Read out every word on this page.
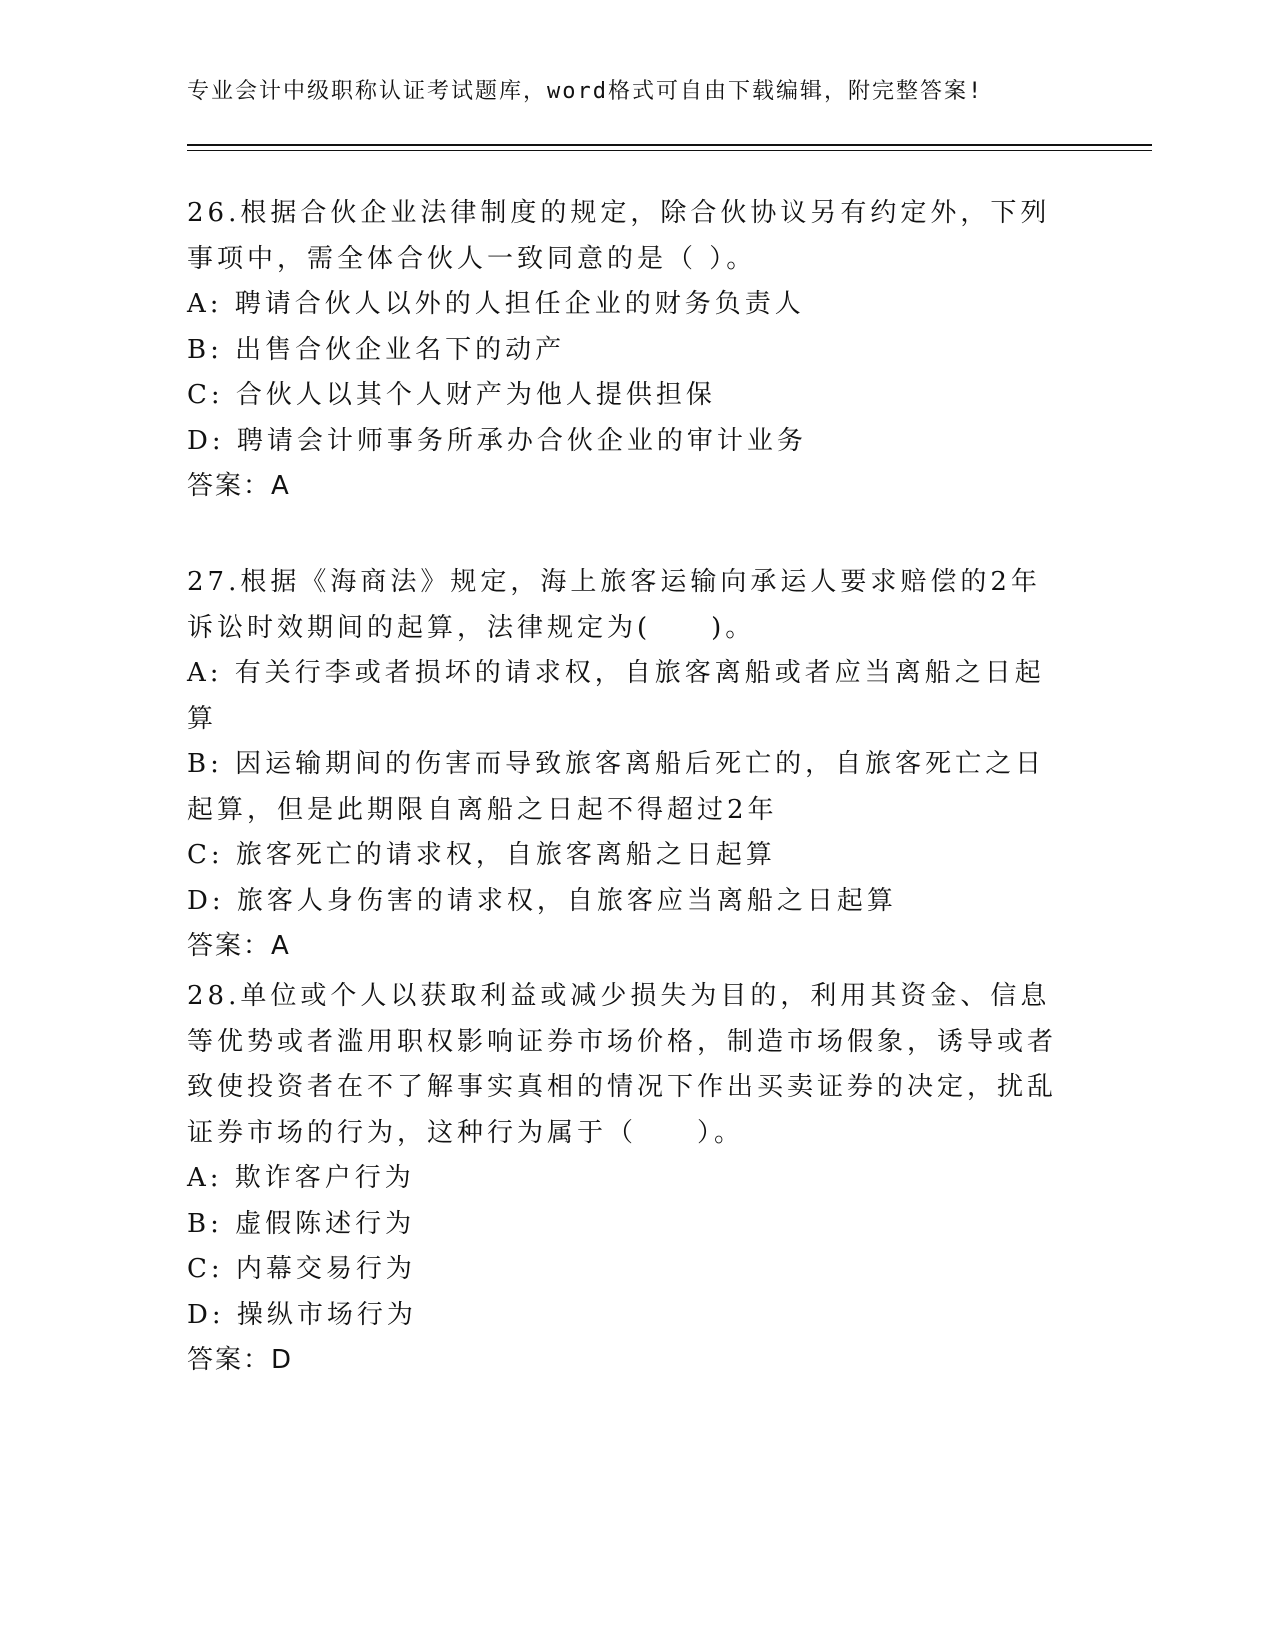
专业会计中级职称认证考试题库，word格式可自由下载编辑，附完整答案!
26.根据合伙企业法律制度的规定，除合伙协议另有约定外，下列事项中，需全体合伙人一致同意的是（ ）。
A: 聘请合伙人以外的人担任企业的财务负责人
B: 出售合伙企业名下的动产
C: 合伙人以其个人财产为他人提供担保
D: 聘请会计师事务所承办合伙企业的审计业务
答案：A
27.根据《海商法》规定，海上旅客运输向承运人要求赔偿的2年诉讼时效期间的起算，法律规定为(　　)。
A: 有关行李或者损坏的请求权，自旅客离船或者应当离船之日起算
B: 因运输期间的伤害而导致旅客离船后死亡的，自旅客死亡之日起算，但是此期限自离船之日起不得超过2年
C: 旅客死亡的请求权，自旅客离船之日起算
D: 旅客人身伤害的请求权，自旅客应当离船之日起算
答案：A
28.单位或个人以获取利益或减少损失为目的，利用其资金、信息等优势或者滥用职权影响证券市场价格，制造市场假象，诱导或者致使投资者在不了解事实真相的情况下作出买卖证券的决定，扰乱证券市场的行为，这种行为属于（　　）。
A: 欺诈客户行为
B: 虚假陈述行为
C: 内幕交易行为
D: 操纵市场行为
答案：D
